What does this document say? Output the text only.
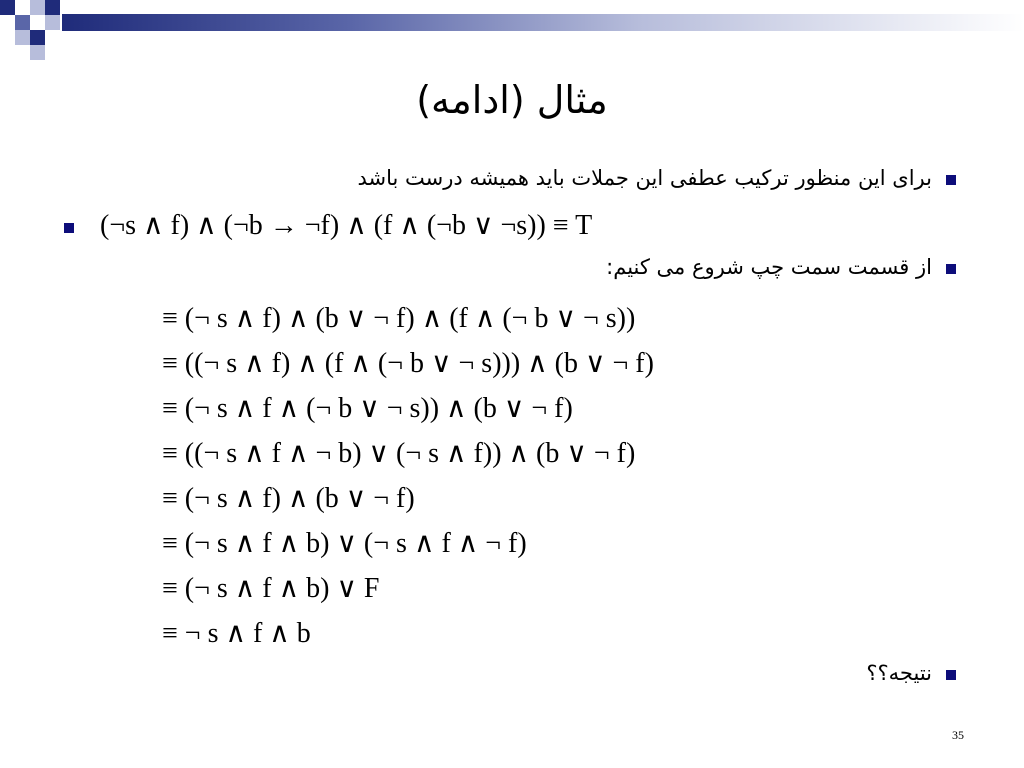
مثال (ادامه)
برای این منظور ترکیب عطفی این جملات باید همیشه درست باشد
(¬s ∧ f) ∧ (¬b → ¬f) ∧ (f ∧ (¬b ∨ ¬s)) ≡ T
از قسمت سمت چپ شروع می کنیم:
≡ (¬ s ∧ f) ∧ (b ∨ ¬ f) ∧ (f ∧ (¬ b ∨ ¬ s))
≡ ((¬ s ∧ f) ∧ (f ∧ (¬ b ∨ ¬ s))) ∧ (b ∨ ¬ f)
≡ (¬ s ∧ f ∧ (¬ b ∨ ¬ s)) ∧ (b ∨ ¬ f)
≡ ((¬ s ∧ f ∧ ¬ b) ∨ (¬ s ∧ f)) ∧ (b ∨ ¬ f)
≡ (¬ s ∧ f) ∧ (b ∨ ¬ f)
≡ (¬ s ∧ f ∧ b) ∨ (¬ s ∧ f ∧ ¬ f)
≡ (¬ s ∧ f ∧ b) ∨ F
≡ ¬ s ∧ f ∧ b
نتیجه؟؟
35
